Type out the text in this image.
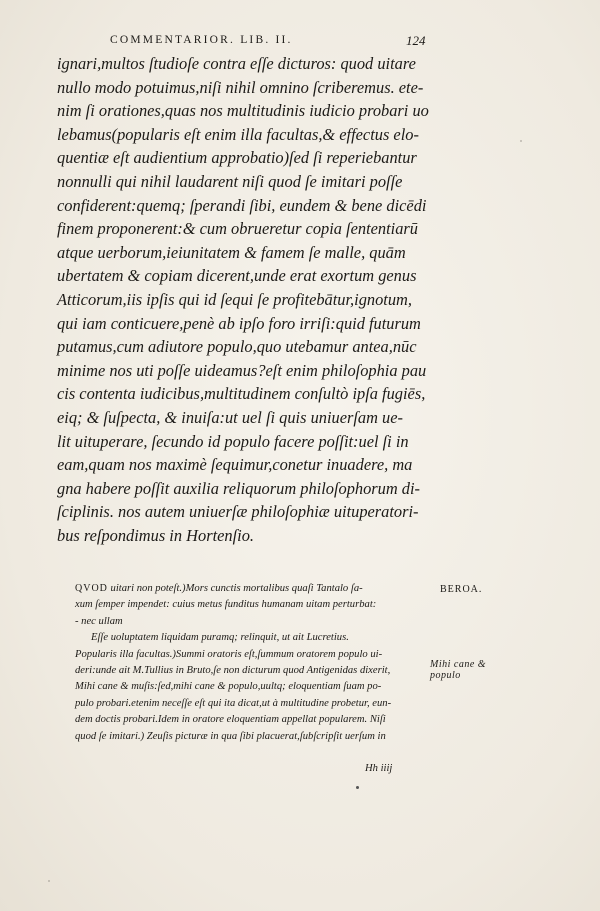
COMMENTARIOR. LIB. II.	124
ignari,multos ſtudioſe contra eſſe dicturos: quod uitare
nullo modo potuimus,niſi nihil omnino ſcriberemus. ete-
nim ſi orationes,quas nos multitudinis iudicio probari uo
lebamus(popularis eſt enim illa facultas,& effectus elo-
quentiæ eſt audientium approbatio)ſed ſi reperiebantur
nonnulli qui nihil laudarent niſi quod ſe imitari poſſe
confiderent:quemq; ſperandi ſibi, eundem & bene dicēdi
finem proponerent:& cum obrueretur copia ſententiarū
atque uerborum,ieiunitatem & famem ſe malle, quām
ubertatem & copiam dicerent,unde erat exortum genus
Atticorum,iis ipſis qui id ſequi ſe profitebātur,ignotum,
qui iam conticuere,penè ab ipſo foro irriſi:quid futurum
putamus,cum adiutore populo,quo utebamur antea,nūc
minime nos uti poſſe uideamus?eſt enim philoſophia pau
cis contenta iudicibus,multitudinem conſultò ipſa fugiēs,
eiq; & ſuſpecta, & inuiſa:ut uel ſi quis uniuerſam ue-
lit uituperare, ſecundo id populo facere poſſit:uel ſi in
eam,quam nos maximè ſequimur,conetur inuadere, ma
gna habere poſſit auxilia reliquorum philoſophorum di-
ſciplinis. nos autem uniuerſæ philoſophiæ uituperatori-
bus reſpondimus in Hortenſio.
QVOD uitari non poteſt.)Mors cunctis mortalibus quaſi Tantalo ſa-
xum ſemper impendet: cuius metus funditus humanam uitam perturbat:
- nec ullam
Eſſe uoluptatem liquidam puramq; relinquit, ut ait Lucretius.
Popularis illa facultas.)Summi oratoris eſt,ſummum oratorem populo ui-
deri:unde ait M.Tullius in Bruto,ſe non dicturum quod Antigenidas dixerit,
Mihi cane & muſis:ſed,mihi cane & populo,uultq; eloquentiam ſuam po-
pulo probari.etenim neceſſe eſt qui ita dicat,ut à multitudine probetur, eun-
dem doctis probari.Idem in oratore eloquentiam appellat popularem. Niſi
quod ſe imitari.) Zeuſis picturæ in qua ſibi placuerat,ſubſcripſit uerſum in
Hh iiij
BEROA.
Mihi cane & populo
